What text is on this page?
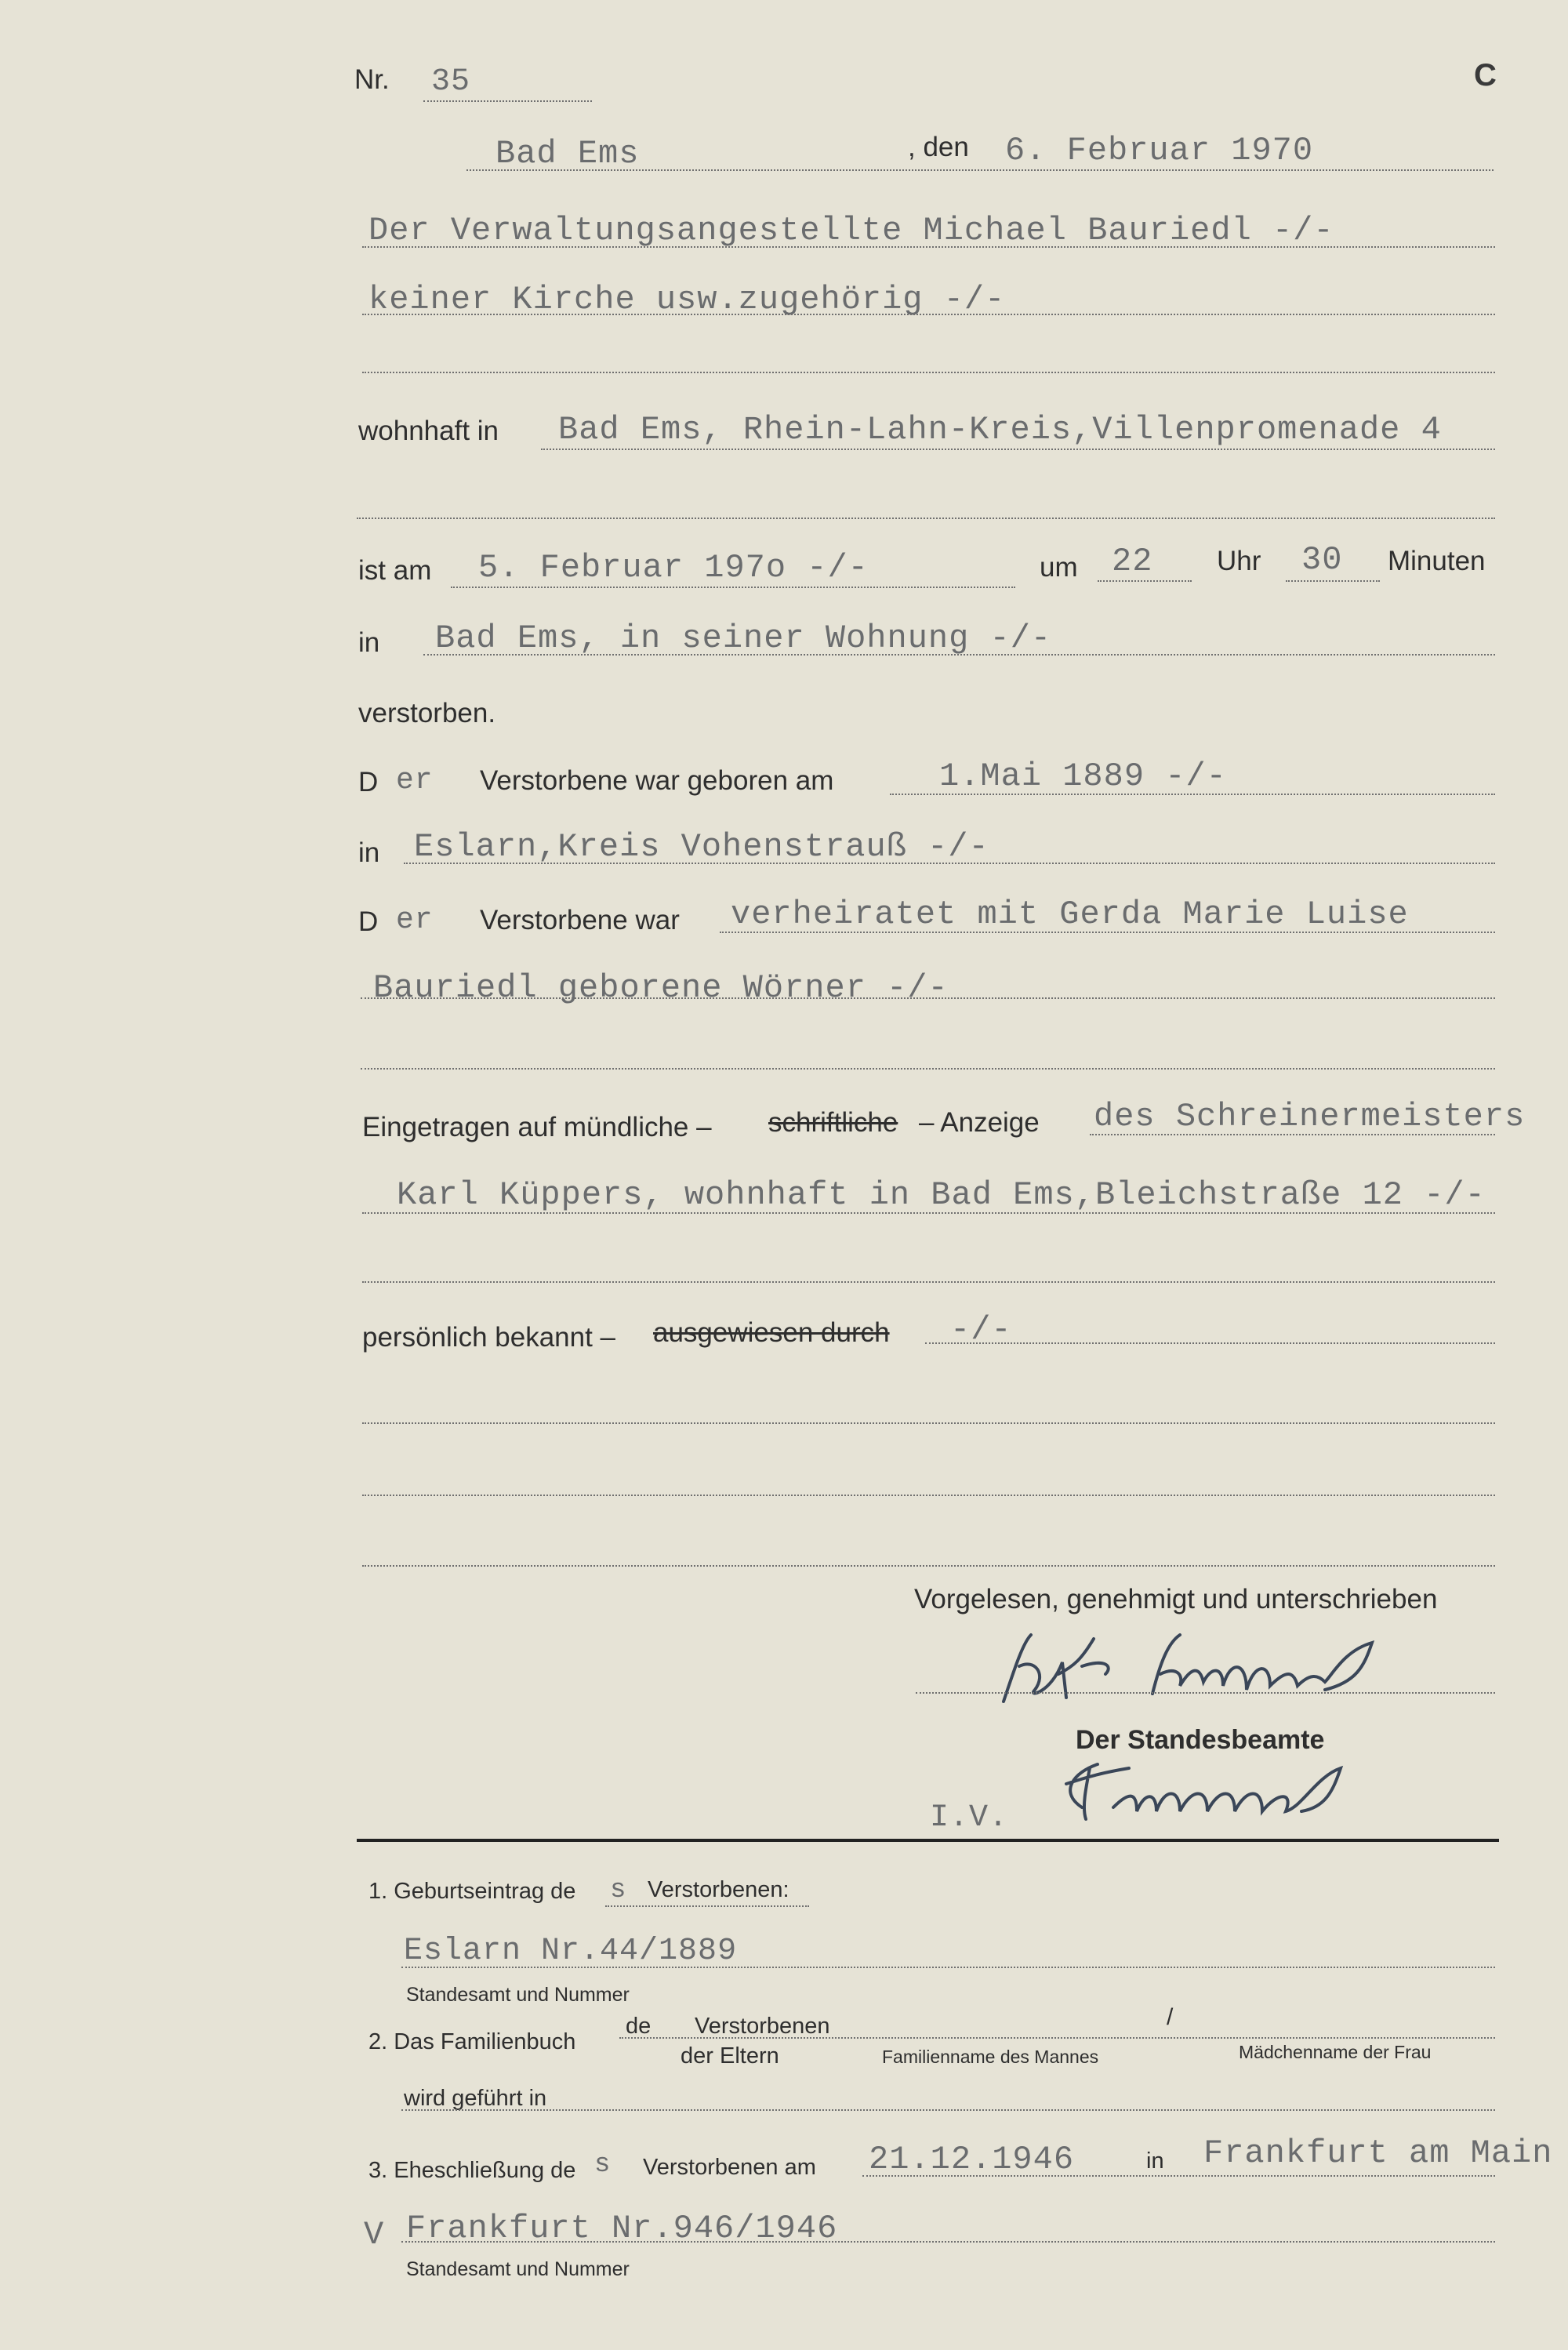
Nr. 35	C
Bad Ems	, den 6. Februar 1970
Der Verwaltungsangestellte Michael Bauriedl -/-
keiner Kirche usw.zugehörig -/-
wohnhaft in Bad Ems, Rhein-Lahn-Kreis,Villenpromenade 4
ist am 5. Februar 197o -/-	um 22 Uhr 30 Minuten
in Bad Ems, in seiner Wohnung -/-
verstorben.
D er Verstorbene war geboren am	1.Mai 1889 -/-
in Eslarn,Kreis Vohenstrauß -/-
D er Verstorbene war verheiratet mit Gerda Marie Luise
Bauriedl geborene Wörner -/-
Eingetragen auf mündliche – schriftliche – Anzeige des Schreinermeisters
Karl Küppers, wohnhaft in Bad Ems,Bleichstraße 12 -/-
persönlich bekannt – ausgewiesen durch -/-
Vorgelesen, genehmigt und unterschrieben
Der Standesbeamte
I.V.
1. Geburtseintrag de s Verstorbenen:
Eslarn Nr.44/1889
Standesamt und Nummer
2. Das Familienbuch
de Verstorbenen
der Eltern
/
Familienname des Mannes	Mädchenname der Frau
wird geführt in
3. Eheschließung de s Verstorbenen am 21.12.1946	in Frankfurt am Main
V Frankfurt Nr.946/1946
Standesamt und Nummer
